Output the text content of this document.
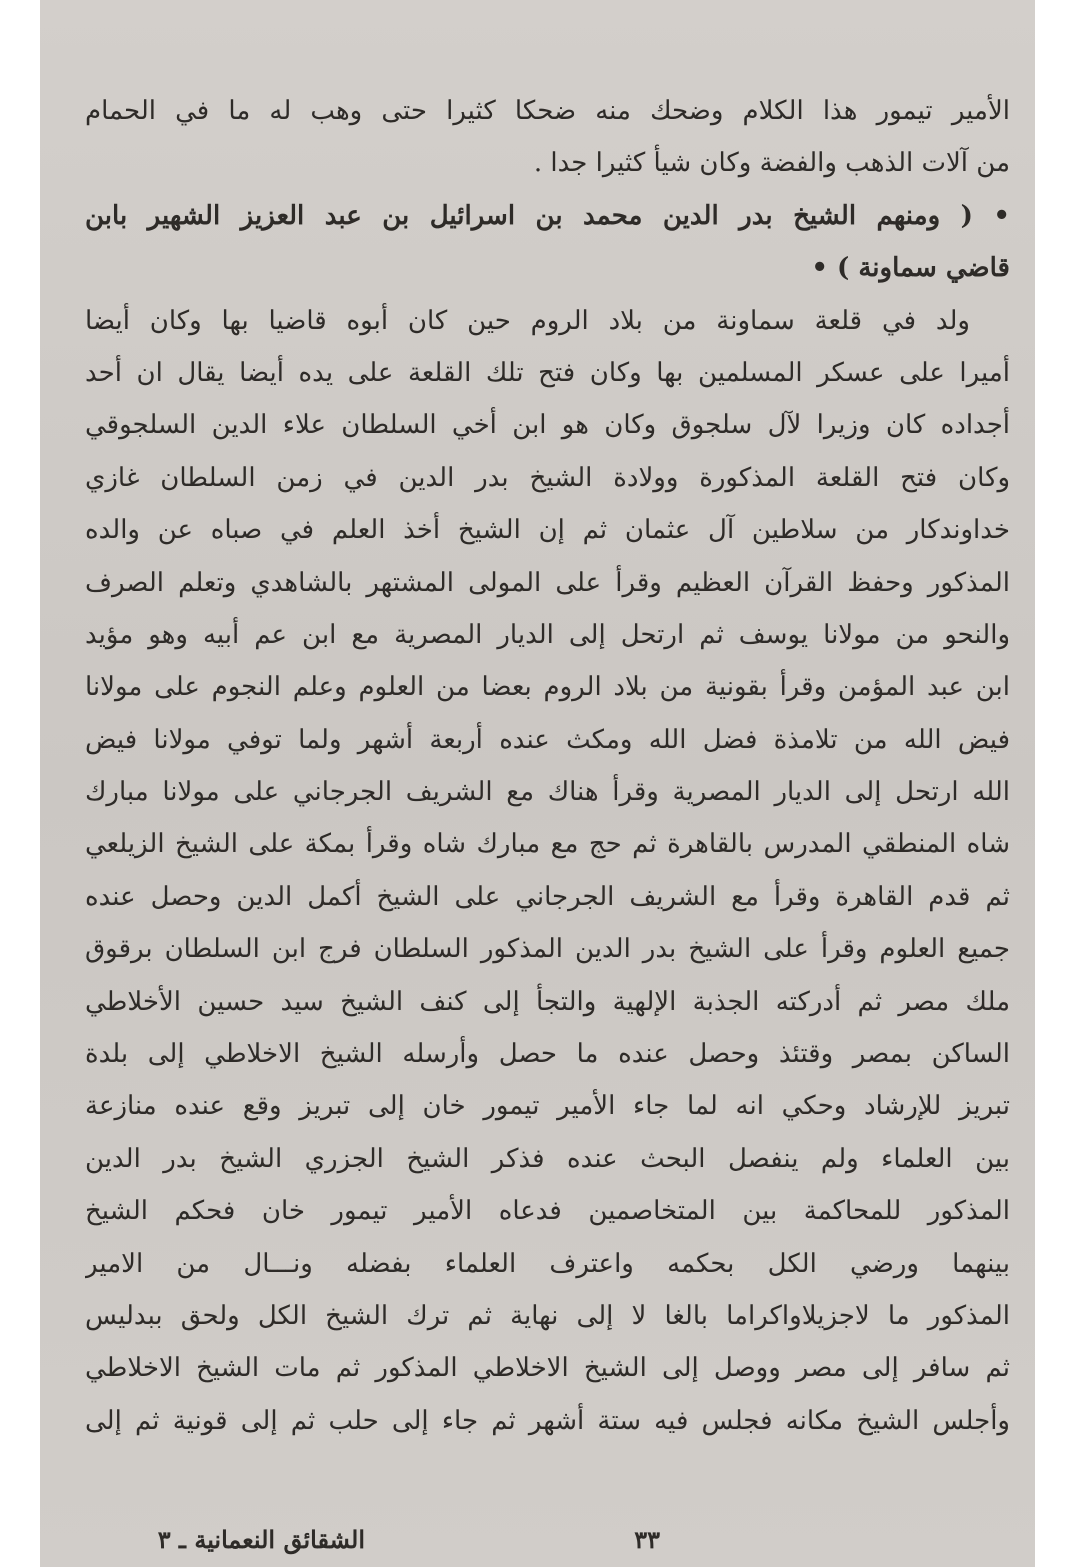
الأمير تيمور هذا الكلام وضحك منه ضحكا كثيرا حتى وهب له ما في الحمام
من آلات الذهب والفضة وكان شيأ كثيرا جدا .
• ( ومنهم الشيخ بدر الدين محمد بن اسرائيل بن عبد العزيز الشهير بابن
قاضي سماونة ) •
ولد في قلعة سماونة من بلاد الروم حين كان أبوه قاضيا بها وكان أيضا
أميرا على عسكر المسلمين بها وكان فتح تلك القلعة على يده أيضا يقال ان أحد
أجداده كان وزيرا لآل سلجوق وكان هو ابن أخي السلطان علاء الدين السلجوقي
وكان فتح القلعة المذكورة وولادة الشيخ بدر الدين في زمن السلطان غازي
خداوندكار من سلاطين آل عثمان ثم إن الشيخ أخذ العلم في صباه عن والده
المذكور وحفظ القرآن العظيم وقرأ على المولى المشتهر بالشاهدي وتعلم الصرف
والنحو من مولانا يوسف ثم ارتحل إلى الديار المصرية مع ابن عم أبيه وهو مؤيد
ابن عبد المؤمن وقرأ بقونية من بلاد الروم بعضا من العلوم وعلم النجوم على مولانا
فيض الله من تلامذة فضل الله ومكث عنده أربعة أشهر ولما توفي مولانا فيض
الله ارتحل إلى الديار المصرية وقرأ هناك مع الشريف الجرجاني على مولانا مبارك
شاه المنطقي المدرس بالقاهرة ثم حج مع مبارك شاه وقرأ بمكة على الشيخ الزيلعي
ثم قدم القاهرة وقرأ مع الشريف الجرجاني على الشيخ أكمل الدين وحصل عنده
جميع العلوم وقرأ على الشيخ بدر الدين المذكور السلطان فرج ابن السلطان برقوق
ملك مصر ثم أدركته الجذبة الإلهية والتجأ إلى كنف الشيخ سيد حسين الأخلاطي
الساكن بمصر وقتئذ وحصل عنده ما حصل وأرسله الشيخ الاخلاطي إلى بلدة
تبريز للإرشاد وحكي انه لما جاء الأمير تيمور خان إلى تبريز وقع عنده منازعة
بين العلماء ولم ينفصل البحث عنده فذكر الشيخ الجزري الشيخ بدر الدين
المذكور للمحاكمة بين المتخاصمين فدعاه الأمير تيمور خان فحكم الشيخ
بينهما ورضي الكل بحكمه واعترف العلماء بفضله ونـــال من الامير
المذكور ما لاجزيلاواكراما بالغا لا إلى نهاية ثم ترك الشيخ الكل ولحق ببدليس
ثم سافر إلى مصر ووصل إلى الشيخ الاخلاطي المذكور ثم مات الشيخ الاخلاطي
وأجلس الشيخ مكانه فجلس فيه ستة أشهر ثم جاء إلى حلب ثم إلى قونية ثم إلى
الشقائق النعمانية ـ ٣	٣٣
